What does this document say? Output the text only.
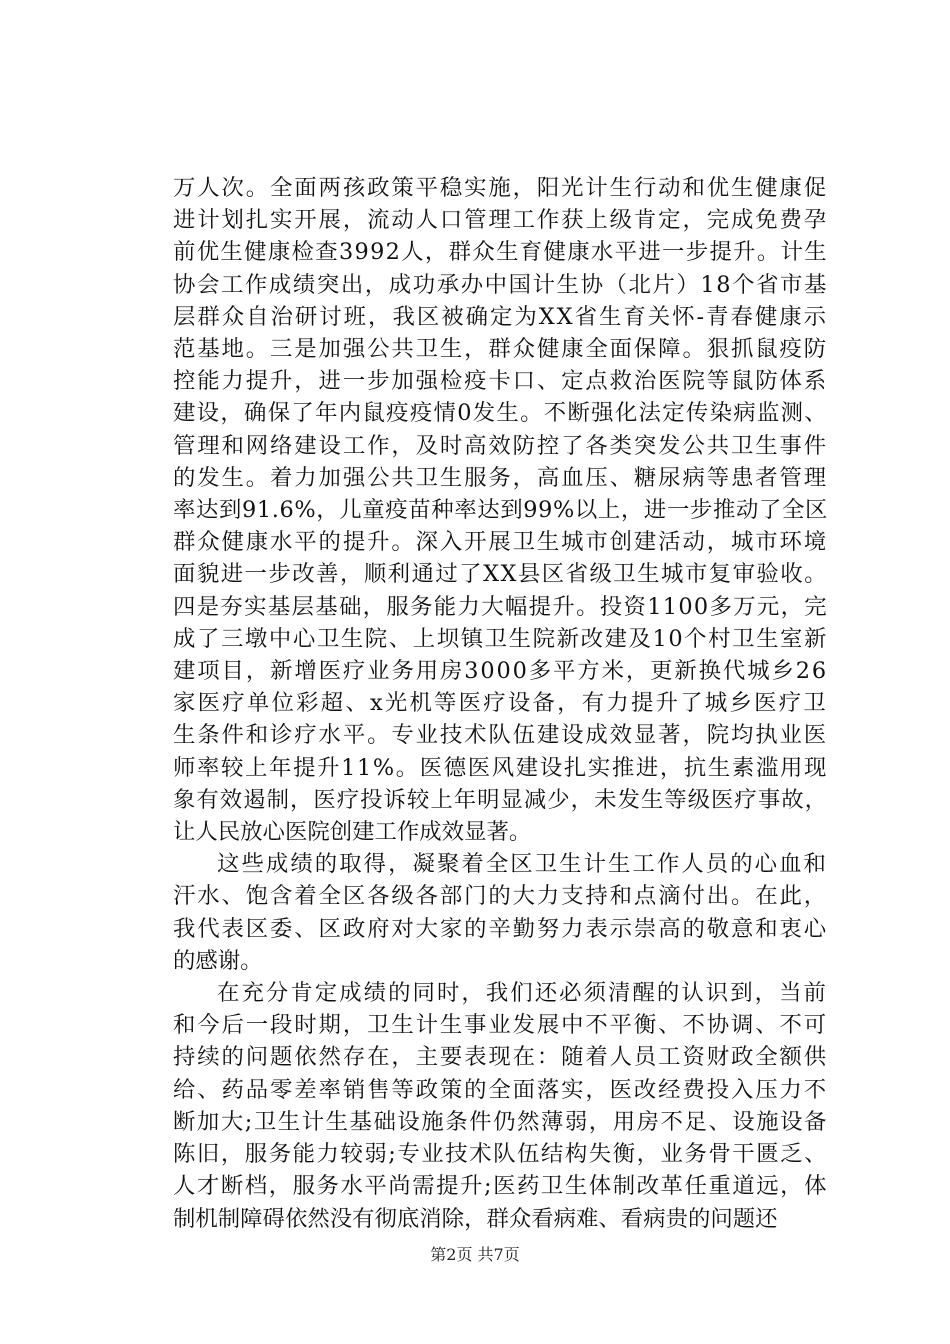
万人次。全面两孩政策平稳实施，阳光计生行动和优生健康促
进计划扎实开展，流动人口管理工作获上级肯定，完成免费孕
前优生健康检查3992人，群众生育健康水平进一步提升。计生
协会工作成绩突出，成功承办中国计生协（北片）18个省市基
层群众自治研讨班，我区被确定为XX省生育关怀-青春健康示
范基地。三是加强公共卫生，群众健康全面保障。狠抓鼠疫防
控能力提升，进一步加强检疫卡口、定点救治医院等鼠防体系
建设，确保了年内鼠疫疫情0发生。不断强化法定传染病监测、
管理和网络建设工作，及时高效防控了各类突发公共卫生事件
的发生。着力加强公共卫生服务，高血压、糖尿病等患者管理
率达到91.6%，儿童疫苗种率达到99%以上，进一步推动了全区
群众健康水平的提升。深入开展卫生城市创建活动，城市环境
面貌进一步改善，顺利通过了XX县区省级卫生城市复审验收。
四是夯实基层基础，服务能力大幅提升。投资1100多万元，完
成了三墩中心卫生院、上坝镇卫生院新改建及10个村卫生室新
建项目，新增医疗业务用房3000多平方米，更新换代城乡26
家医疗单位彩超、x光机等医疗设备，有力提升了城乡医疗卫
生条件和诊疗水平。专业技术队伍建设成效显著，院均执业医
师率较上年提升11%。医德医风建设扎实推进，抗生素滥用现
象有效遏制，医疗投诉较上年明显减少，未发生等级医疗事故，
让人民放心医院创建工作成效显著。

这些成绩的取得，凝聚着全区卫生计生工作人员的心血和
汗水、饱含着全区各级各部门的大力支持和点滴付出。在此，
我代表区委、区政府对大家的辛勤努力表示崇高的敬意和衷心
的感谢。

在充分肯定成绩的同时，我们还必须清醒的认识到，当前
和今后一段时期，卫生计生事业发展中不平衡、不协调、不可
持续的问题依然存在，主要表现在：随着人员工资财政全额供
给、药品零差率销售等政策的全面落实，医改经费投入压力不
断加大;卫生计生基础设施条件仍然薄弱，用房不足、设施设备
陈旧，服务能力较弱;专业技术队伍结构失衡，业务骨干匮乏、
人才断档，服务水平尚需提升;医药卫生体制改革任重道远，体
制机制障碍依然没有彻底消除，群众看病难、看病贵的问题还

第2页 共7页
